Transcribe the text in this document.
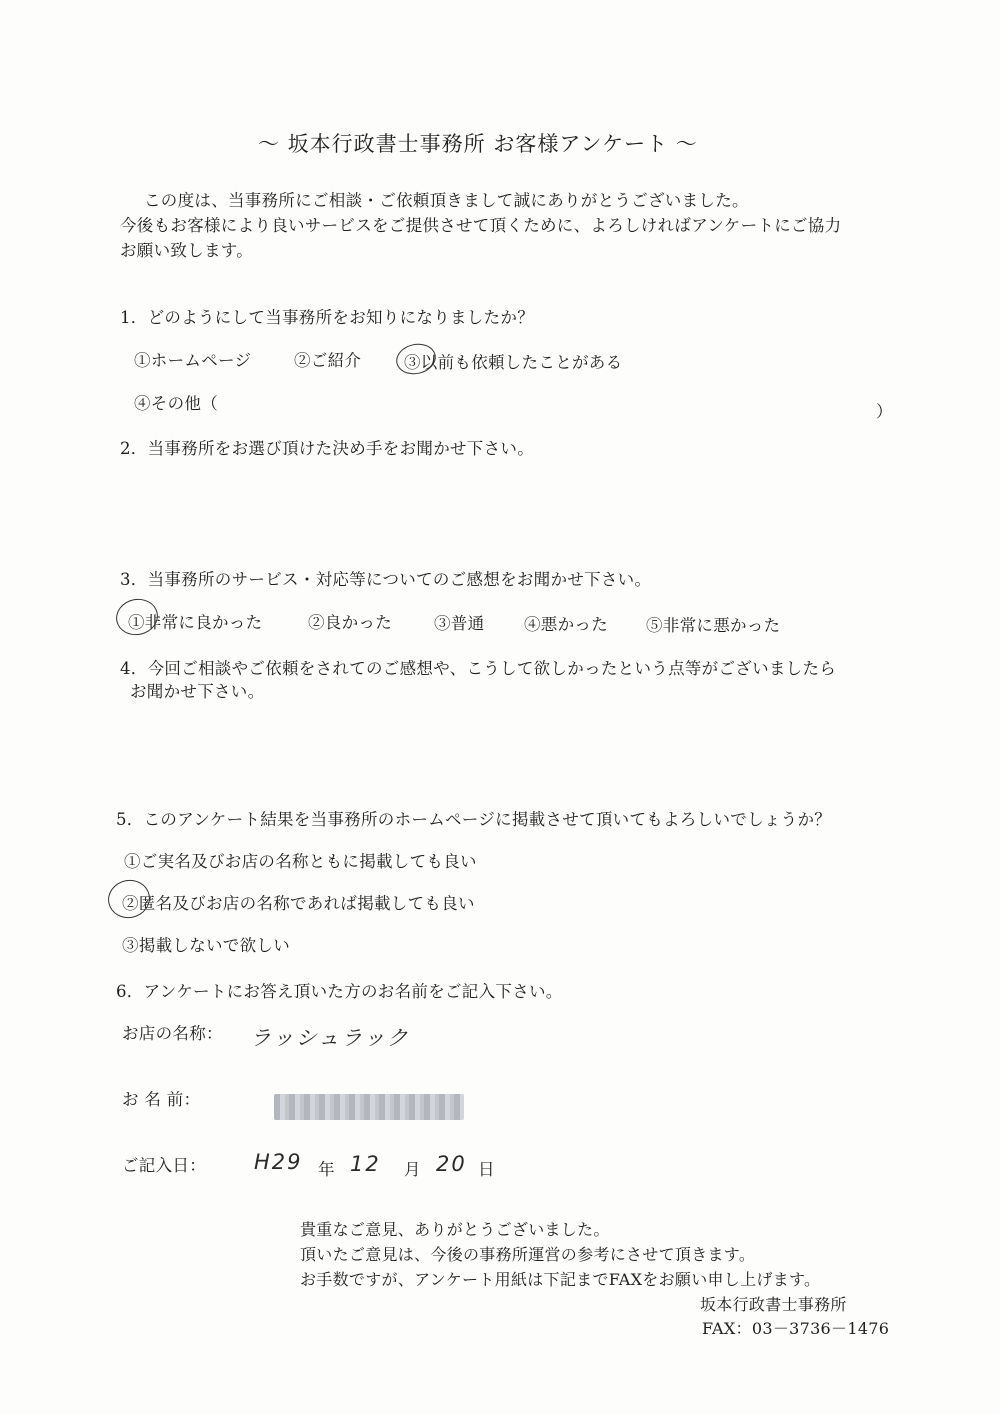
～ 坂本行政書士事務所 お客様アンケート ～
この度は、当事務所にご相談・ご依頼頂きまして誠にありがとうございました。
今後もお客様により良いサービスをご提供させて頂くために、よろしければアンケートにご協力
お願い致します。
1．どのようにして当事務所をお知りになりましたか？
①ホームページ	②ご紹介	③以前も依頼したことがある
④その他（	）
2．当事務所をお選び頂けた決め手をお聞かせ下さい。
3．当事務所のサービス・対応等についてのご感想をお聞かせ下さい。
①非常に良かった	②良かった	③普通 ④悪かった ⑤非常に悪かった
4．今回ご相談やご依頼をされてのご感想や、こうして欲しかったという点等がございましたら
お聞かせ下さい。
5．このアンケート結果を当事務所のホームページに掲載させて頂いてもよろしいでしょうか？
①ご実名及びお店の名称ともに掲載しても良い
②匿名及びお店の名称であれば掲載しても良い
③掲載しないで欲しい
6．アンケートにお答え頂いた方のお名前をご記入下さい。
お店の名称： ラッシュラック
お 名 前：
ご記入日： H29 年 12 月 20 日
貴重なご意見、ありがとうございました。
頂いたご意見は、今後の事務所運営の参考にさせて頂きます。
お手数ですが、アンケート用紙は下記までFAXをお願い申し上げます。
坂本行政書士事務所
FAX：03－3736－1476
